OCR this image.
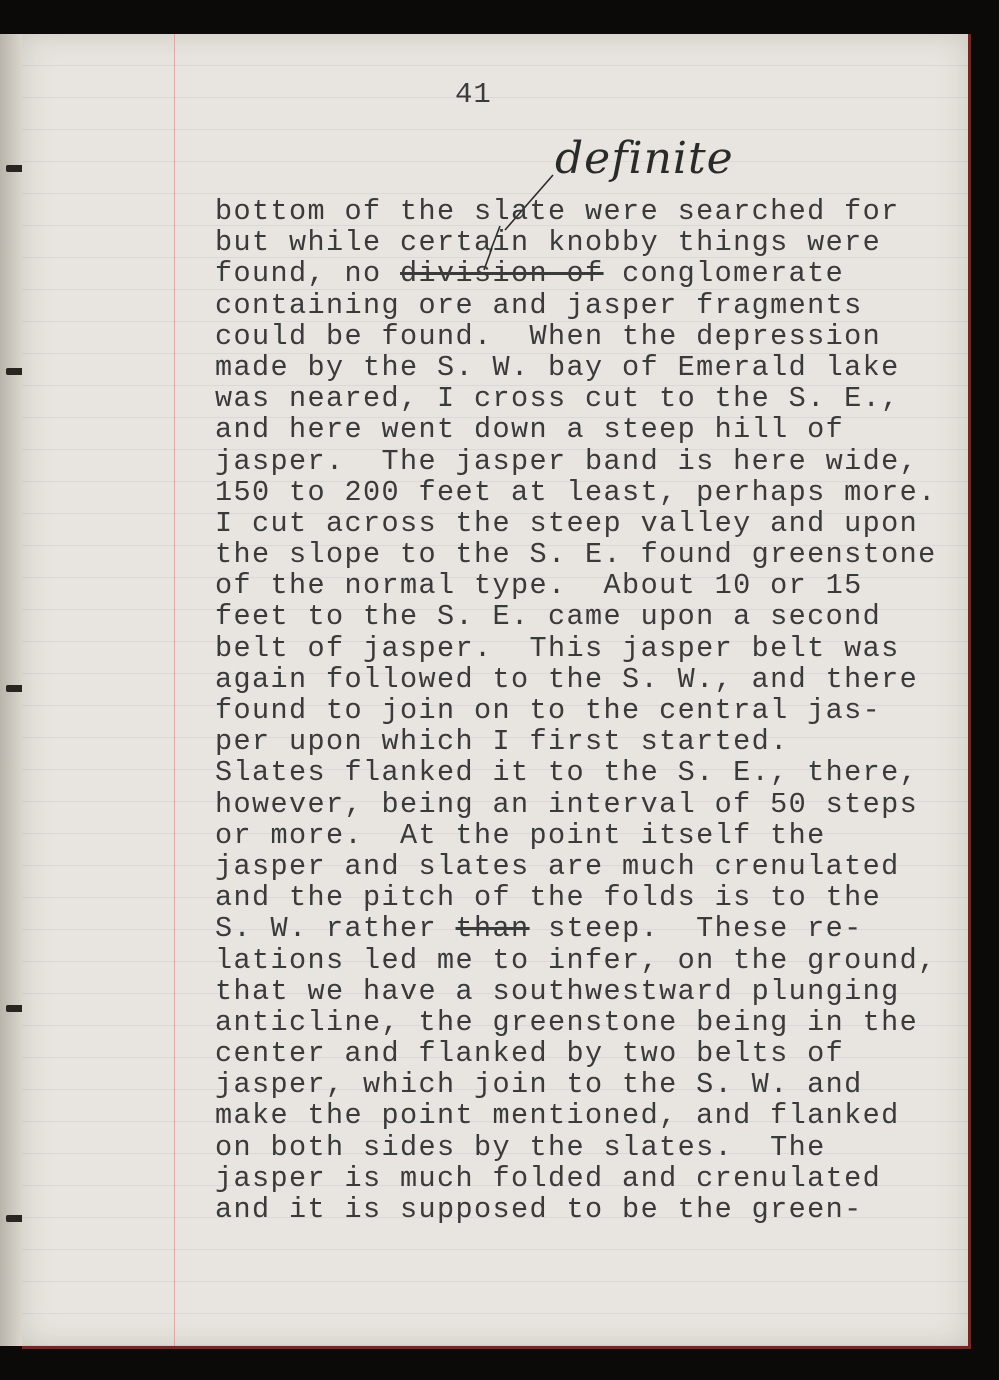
41
definite
bottom of the slate were searched for
but while certain knobby things were
found, no division of conglomerate
containing ore and jasper fragments
could be found.  When the depression
made by the S. W. bay of Emerald lake
was neared, I cross cut to the S. E.,
and here went down a steep hill of
jasper.  The jasper band is here wide,
150 to 200 feet at least, perhaps more.
I cut across the steep valley and upon
the slope to the S. E. found greenstone
of the normal type.  About 10 or 15
feet to the S. E. came upon a second
belt of jasper.  This jasper belt was
again followed to the S. W., and there
found to join on to the central jas-
per upon which I first started.
Slates flanked it to the S. E., there,
however, being an interval of 50 steps
or more.  At the point itself the
jasper and slates are much crenulated
and the pitch of the folds is to the
S. W. rather than steep.  These re-
lations led me to infer, on the ground,
that we have a southwestward plunging
anticline, the greenstone being in the
center and flanked by two belts of
jasper, which join to the S. W. and
make the point mentioned, and flanked
on both sides by the slates.  The
jasper is much folded and crenulated
and it is supposed to be the green-
